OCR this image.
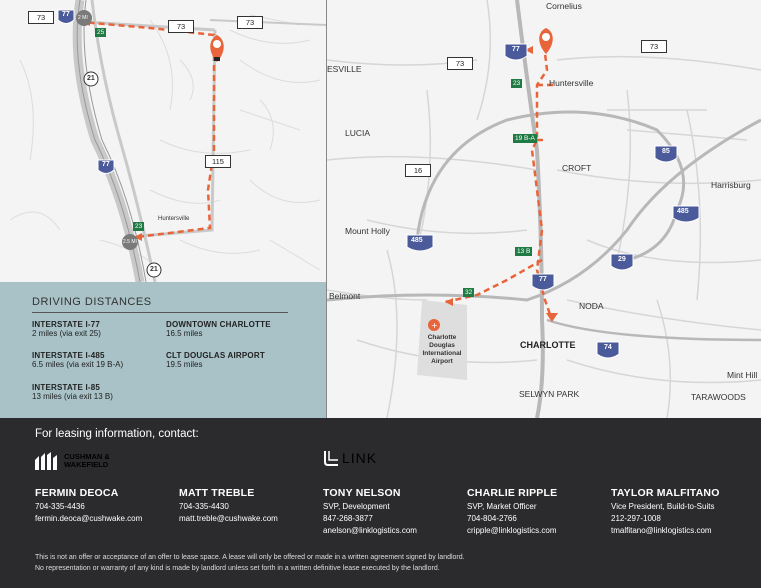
77
77
21
21
2 MI
2.5 MI
73
73	73
115
25
23
Huntersville
+
77
77
85
485
485
29
74
73
73
16
23
19 B-A
13 B
32
Cornelius
Huntersville
ESVILLE
LUCIA
CROFT
Harrisburg
Mount Holly
Belmont
NODA
CHARLOTTE
Mint Hill
SELWYN PARK	TARAWOODS
Charlotte Douglas International Airport
DRIVING DISTANCES
INTERSTATE I-77
2 miles (via exit 25)
INTERSTATE I-485
6.5 miles (via exit 19 B-A)
INTERSTATE I-85
13 miles (via exit 13 B)
DOWNTOWN CHARLOTTE
16.5 miles
CLT DOUGLAS AIRPORT
19.5 miles
For leasing information, contact:
CUSHMAN &
WAKEFIELD	LINK
FERMIN DEOCA
704-335-4436
fermin.deoca@cushwake.com
MATT TREBLE
704-335-4430
matt.treble@cushwake.com
TONY NELSON
SVP, Development
847-268-3877
anelson@linklogistics.com
CHARLIE RIPPLE
SVP, Market Officer
704-804-2766
cripple@linklogistics.com
TAYLOR MALFITANO
Vice President, Build-to-Suits
212-297-1008
tmalfitano@linklogistics.com
This is not an offer or acceptance of an offer to lease space. A lease will only be offered or made in a written agreement signed by landlord.
No representation or warranty of any kind is made by landlord unless set forth in a written definitive lease executed by the landlord.
